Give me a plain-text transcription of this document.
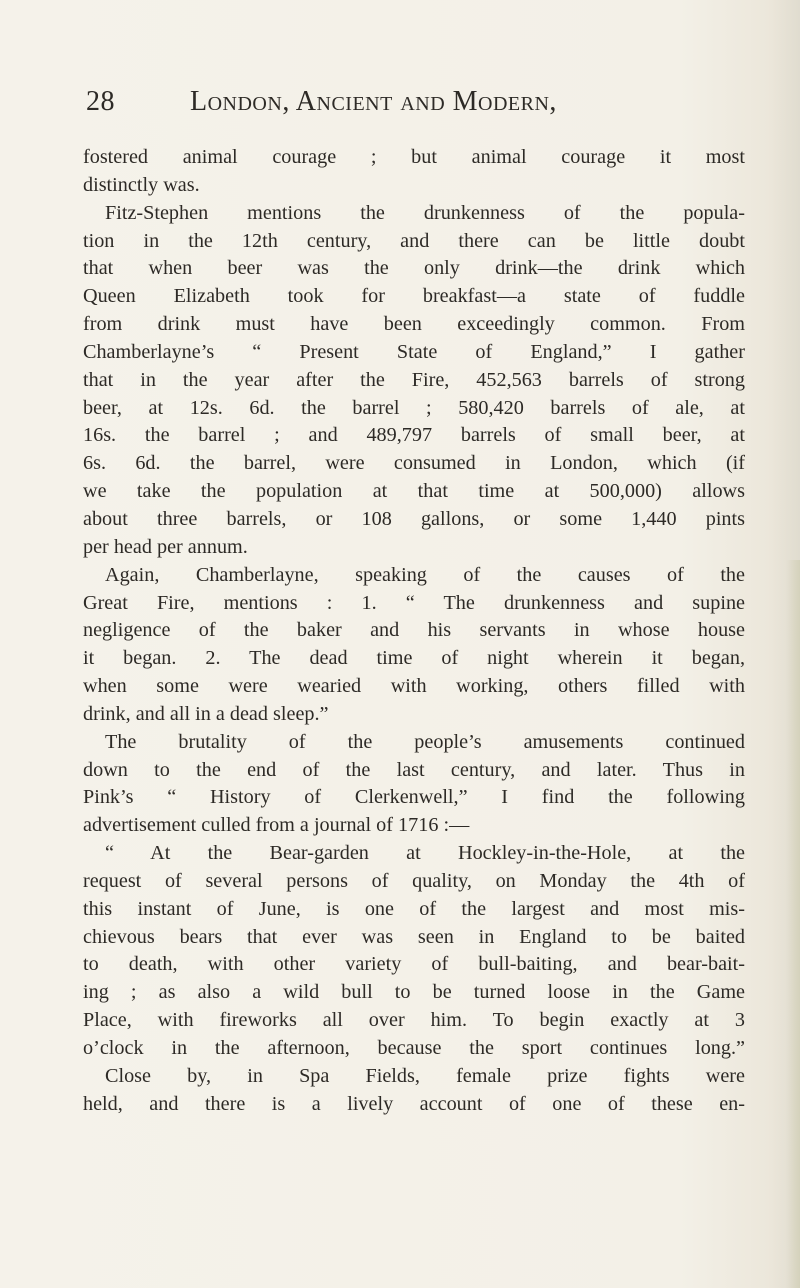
28	London, Ancient and Modern,
fostered animal courage ; but animal courage it most
distinctly was.
Fitz-Stephen mentions the drunkenness of the popula-
tion in the 12th century, and there can be little doubt
that when beer was the only drink—the drink which
Queen Elizabeth took for breakfast—a state of fuddle
from drink must have been exceedingly common. From
Chamberlayne’s “ Present State of England,” I gather
that in the year after the Fire, 452,563 barrels of strong
beer, at 12s. 6d. the barrel ; 580,420 barrels of ale, at
16s. the barrel ; and 489,797 barrels of small beer, at
6s. 6d. the barrel, were consumed in London, which (if
we take the population at that time at 500,000) allows
about three barrels, or 108 gallons, or some 1,440 pints
per head per annum.
Again, Chamberlayne, speaking of the causes of the
Great Fire, mentions : 1. “ The drunkenness and supine
negligence of the baker and his servants in whose house
it began. 2. The dead time of night wherein it began,
when some were wearied with working, others filled with
drink, and all in a dead sleep.”
The brutality of the people’s amusements continued
down to the end of the last century, and later. Thus in
Pink’s “ History of Clerkenwell,” I find the following
advertisement culled from a journal of 1716 :—
“ At the Bear-garden at Hockley-in-the-Hole, at the
request of several persons of quality, on Monday the 4th of
this instant of June, is one of the largest and most mis-
chievous bears that ever was seen in England to be baited
to death, with other variety of bull-baiting, and bear-bait-
ing ; as also a wild bull to be turned loose in the Game
Place, with fireworks all over him. To begin exactly at 3
o’clock in the afternoon, because the sport continues long.”
Close by, in Spa Fields, female prize fights were
held, and there is a lively account of one of these en-
